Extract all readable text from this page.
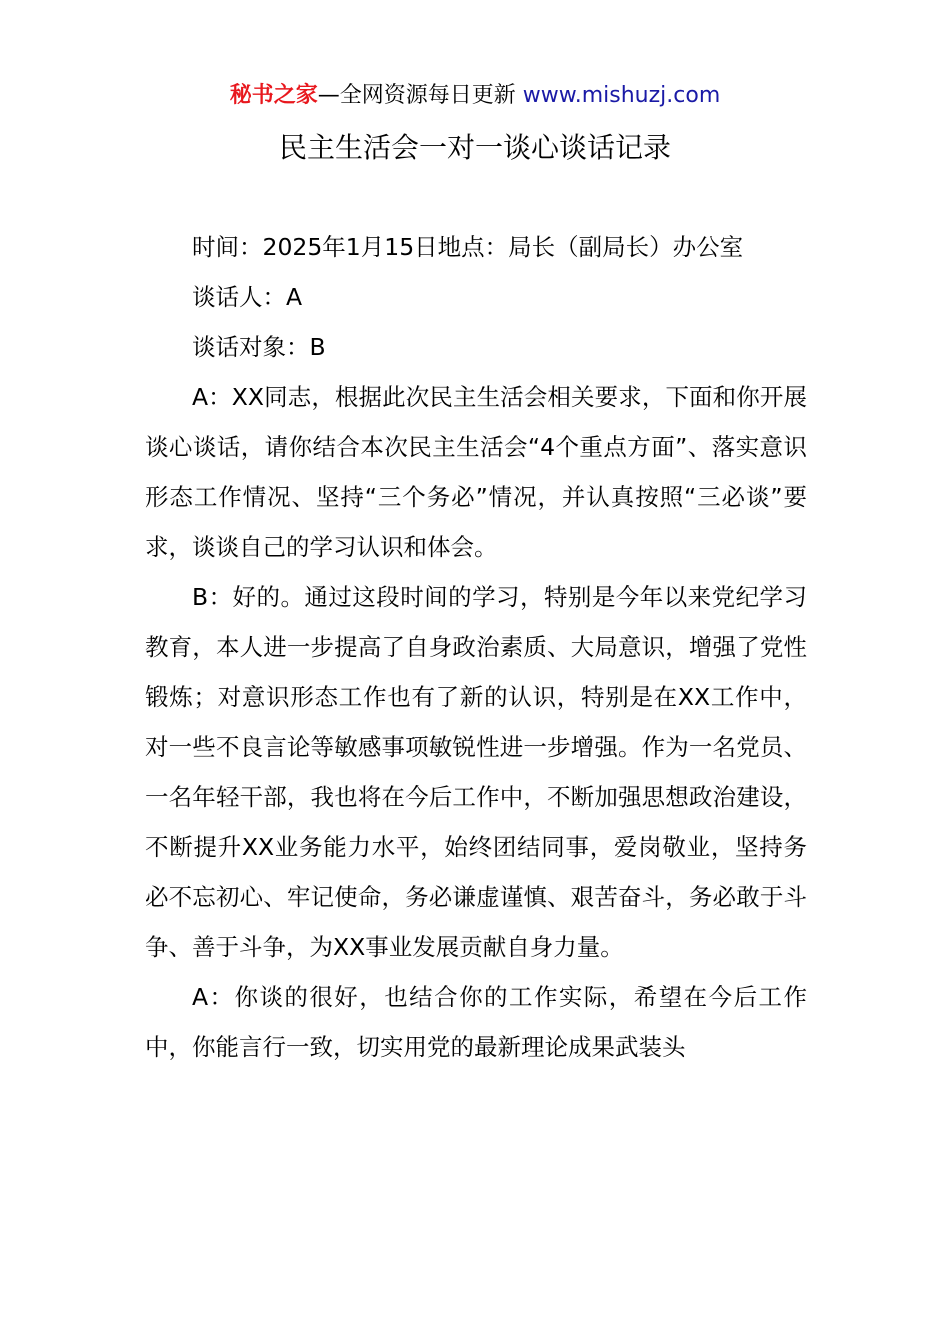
秘书之家—全网资源每日更新 www.mishuzj.com
民主生活会一对一谈心谈话记录

时间：2025年1月15日地点：局长（副局长）办公室

谈话人：A

谈话对象：B

A：XX同志，根据此次民主生活会相关要求，下面和你开展谈心谈话，请你结合本次民主生活会“4个重点方面”、落实意识形态工作情况、坚持“三个务必”情况，并认真按照“三必谈”要求，谈谈自己的学习认识和体会。

B：好的。通过这段时间的学习，特别是今年以来党纪学习教育，本人进一步提高了自身政治素质、大局意识，增强了党性锻炼；对意识形态工作也有了新的认识，特别是在XX工作中，对一些不良言论等敏感事项敏锐性进一步增强。作为一名党员、一名年轻干部，我也将在今后工作中，不断加强思想政治建设，不断提升XX业务能力水平，始终团结同事，爱岗敬业，坚持务必不忘初心、牢记使命，务必谦虚谨慎、艰苦奋斗，务必敢于斗争、善于斗争，为XX事业发展贡献自身力量。

A：你谈的很好，也结合你的工作实际，希望在今后工作中，你能言行一致，切实用党的最新理论成果武装头
